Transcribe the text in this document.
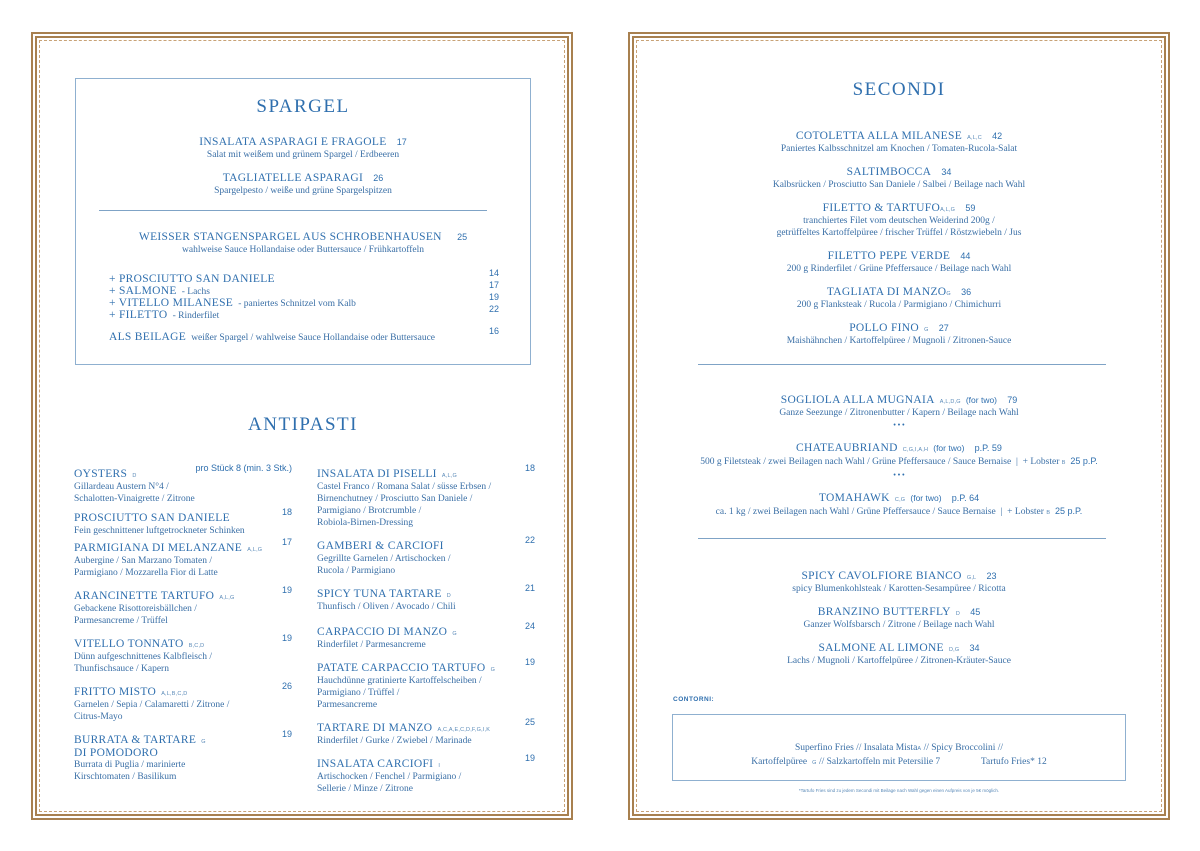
SPARGEL
INSALATA ASPARAGI E FRAGOLE 17
Salat mit weißem und grünem Spargel / Erdbeeren
TAGLIATELLE ASPARAGI 26
Spargelpesto / weiße und grüne Spargelspitzen
WEISSER STANGENSPARGEL AUS SCHROBENHAUSEN 25
wahlweise Sauce Hollandaise oder Buttersauce / Frühkartoffeln
+ PROSCIUTTO SAN DANIELE	14
+ SALMONE - Lachs
17
+ VITELLO MILANESE - paniertes Schnitzel vom Kalb
19
+ FILETTO - Rinderfilet
22
ALS BEILAGE weißer Spargel / wahlweise Sauce Hollandaise oder Buttersauce
16
ANTIPASTI
OYSTERS D
pro Stück 8 (min. 3 Stk.)
Gillardeau Austern N°4 /
Schalotten-Vinaigrette / Zitrone
PROSCIUTTO SAN DANIELE	18
Fein geschnittener luftgetrockneter Schinken
PARMIGIANA DI MELANZANE A,L,G
17
Aubergine / San Marzano Tomaten /
Parmigiano / Mozzarella Fior di Latte
ARANCINETTE TARTUFO A,L,G
19
Gebackene Risottoreisbällchen /
Parmesancreme / Trüffel
VITELLO TONNATO B,C,D
19
Dünn aufgeschnittenes Kalbfleisch /
Thunfischsauce / Kapern
FRITTO MISTO A,L,B,C,D
26
Garnelen / Sepia / Calamaretti / Zitrone /
Citrus-Mayo
BURRATA & TARTARE G
19
DI POMODORO
Burrata di Puglia / marinierte
Kirschtomaten / Basilikum
INSALATA DI PISELLI A,L,G
18
Castel Franco / Romana Salat / süsse Erbsen /
Birnenchutney / Prosciutto San Daniele /
Parmigiano / Brotcrumble /
Robiola-Birnen-Dressing
GAMBERI & CARCIOFI	22
Gegrillte Garnelen / Artischocken /
Rucola / Parmigiano
SPICY TUNA TARTARE D
21
Thunfisch / Oliven / Avocado / Chili
CARPACCIO DI MANZO G
24
Rinderfilet / Parmesancreme
PATATE CARPACCIO TARTUFO G
19
Hauchdünne gratinierte Kartoffelscheiben /
Parmigiano / Trüffel /
Parmesancreme
TARTARE DI MANZO A,C,A,E,C,D,F,G,I,K
25
Rinderfilet / Gurke / Zwiebel / Marinade
INSALATA CARCIOFI I
19
Artischocken / Fenchel / Parmigiano /
Sellerie / Minze / Zitrone
SECONDI
COTOLETTA ALLA MILANESE A,L,C 42
Paniertes Kalbsschnitzel am Knochen / Tomaten-Rucola-Salat
SALTIMBOCCA 34
Kalbsrücken / Prosciutto San Daniele / Salbei / Beilage nach Wahl
FILETTO & TARTUFOA,L,G 59
tranchiertes Filet vom deutschen Weiderind 200g /
getrüffeltes Kartoffelpüree / frischer Trüffel / Röstzwiebeln / Jus
FILETTO PEPE VERDE 44
200 g Rinderfilet / Grüne Pfeffersauce / Beilage nach Wahl
TAGLIATA DI MANZOG 36
200 g Flanksteak / Rucola / Parmigiano / Chimichurri
POLLO FINO G 27
Maishähnchen / Kartoffelpüree / Mugnoli / Zitronen-Sauce
SOGLIOLA ALLA MUGNAIA A,L,D,G (for two) 79
Ganze Seezunge / Zitronenbutter / Kapern / Beilage nach Wahl
• • •
CHATEAUBRIAND C,G,I,A,H (for two) p.P. 59
500 g Filetsteak / zwei Beilagen nach Wahl / Grüne Pfeffersauce / Sauce Bernaise  |  + Lobster B 25 p.P.
• • •
TOMAHAWK C,G (for two) p.P. 64
ca. 1 kg / zwei Beilagen nach Wahl / Grüne Pfeffersauce / Sauce Bernaise  |  + Lobster B 25 p.P.
SPICY CAVOLFIORE BIANCO G,L 23
spicy Blumenkohlsteak / Karotten-Sesampüree / Ricotta
BRANZINO BUTTERFLY D 45
Ganzer Wolfsbarsch / Zitrone / Beilage nach Wahl
SALMONE AL LIMONE D,G 34
Lachs / Mugnoli / Kartoffelpüree / Zitronen-Kräuter-Sauce
CONTORNI:
Superfino Fries // Insalata MistaA // Spicy Broccolini //
Kartoffelpüree G // Salzkartoffeln mit Petersilie 7	Tartufo Fries* 12
*Tartufo Fries sind zu jedem Secondi mit Beilage nach Wahl gegen einen Aufpreis von je 5€ möglich.
